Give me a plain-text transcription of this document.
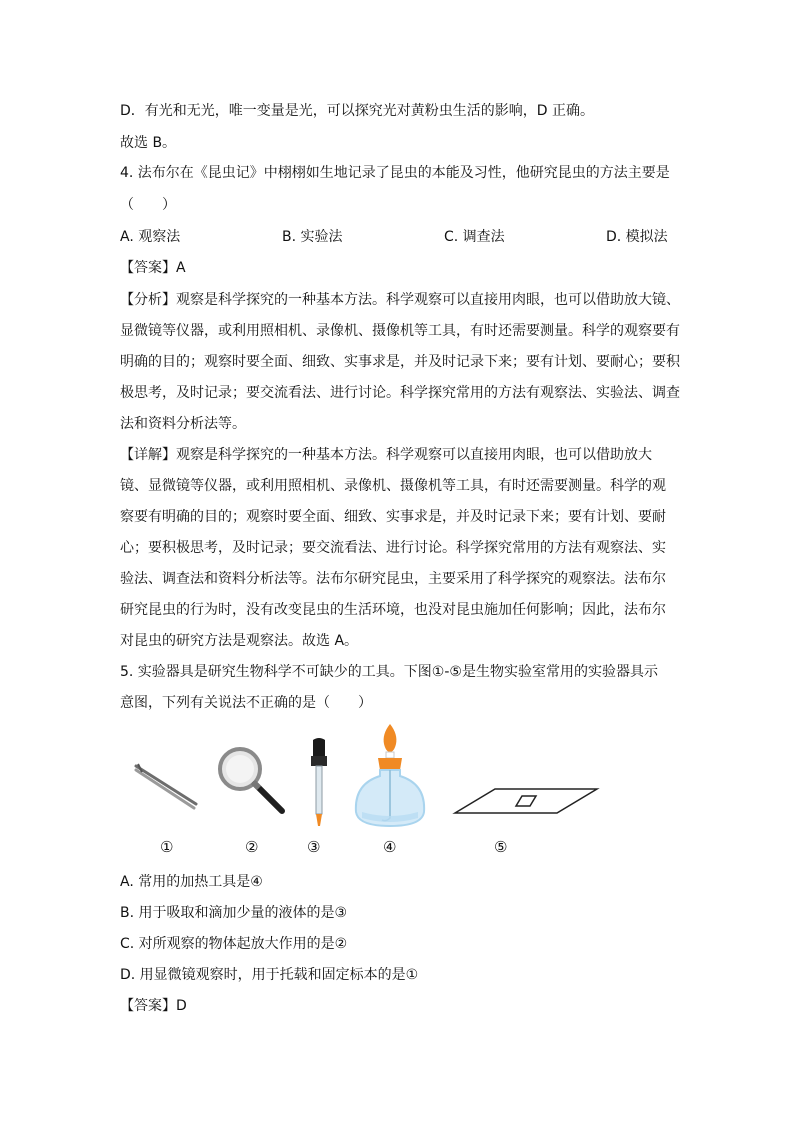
D．有光和无光，唯一变量是光，可以探究光对黄粉虫生活的影响，D 正确。
故选 B。
4. 法布尔在《昆虫记》中栩栩如生地记录了昆虫的本能及习性，他研究昆虫的方法主要是
（　　）
A. 观察法	B. 实验法	C. 调查法	D. 模拟法
【答案】A
【分析】观察是科学探究的一种基本方法。科学观察可以直接用肉眼，也可以借助放大镜、
显微镜等仪器，或利用照相机、录像机、摄像机等工具，有时还需要测量。科学的观察要有
明确的目的；观察时要全面、细致、实事求是，并及时记录下来；要有计划、要耐心；要积
极思考，及时记录；要交流看法、进行讨论。科学探究常用的方法有观察法、实验法、调查
法和资料分析法等。
【详解】观察是科学探究的一种基本方法。科学观察可以直接用肉眼，也可以借助放大
镜、显微镜等仪器，或利用照相机、录像机、摄像机等工具，有时还需要测量。科学的观
察要有明确的目的；观察时要全面、细致、实事求是，并及时记录下来；要有计划、要耐
心；要积极思考，及时记录；要交流看法、进行讨论。科学探究常用的方法有观察法、实
验法、调查法和资料分析法等。法布尔研究昆虫，主要采用了科学探究的观察法。法布尔
研究昆虫的行为时，没有改变昆虫的生活环境，也没对昆虫施加任何影响；因此，法布尔
对昆虫的研究方法是观察法。故选 A。
5. 实验器具是研究生物科学不可缺少的工具。下图①-⑤是生物实验室常用的实验器具示
意图，下列有关说法不正确的是（　　）
①	②	③	④	⑤
A. 常用的加热工具是④
B. 用于吸取和滴加少量的液体的是③
C. 对所观察的物体起放大作用的是②
D. 用显微镜观察时，用于托载和固定标本的是①
【答案】D
